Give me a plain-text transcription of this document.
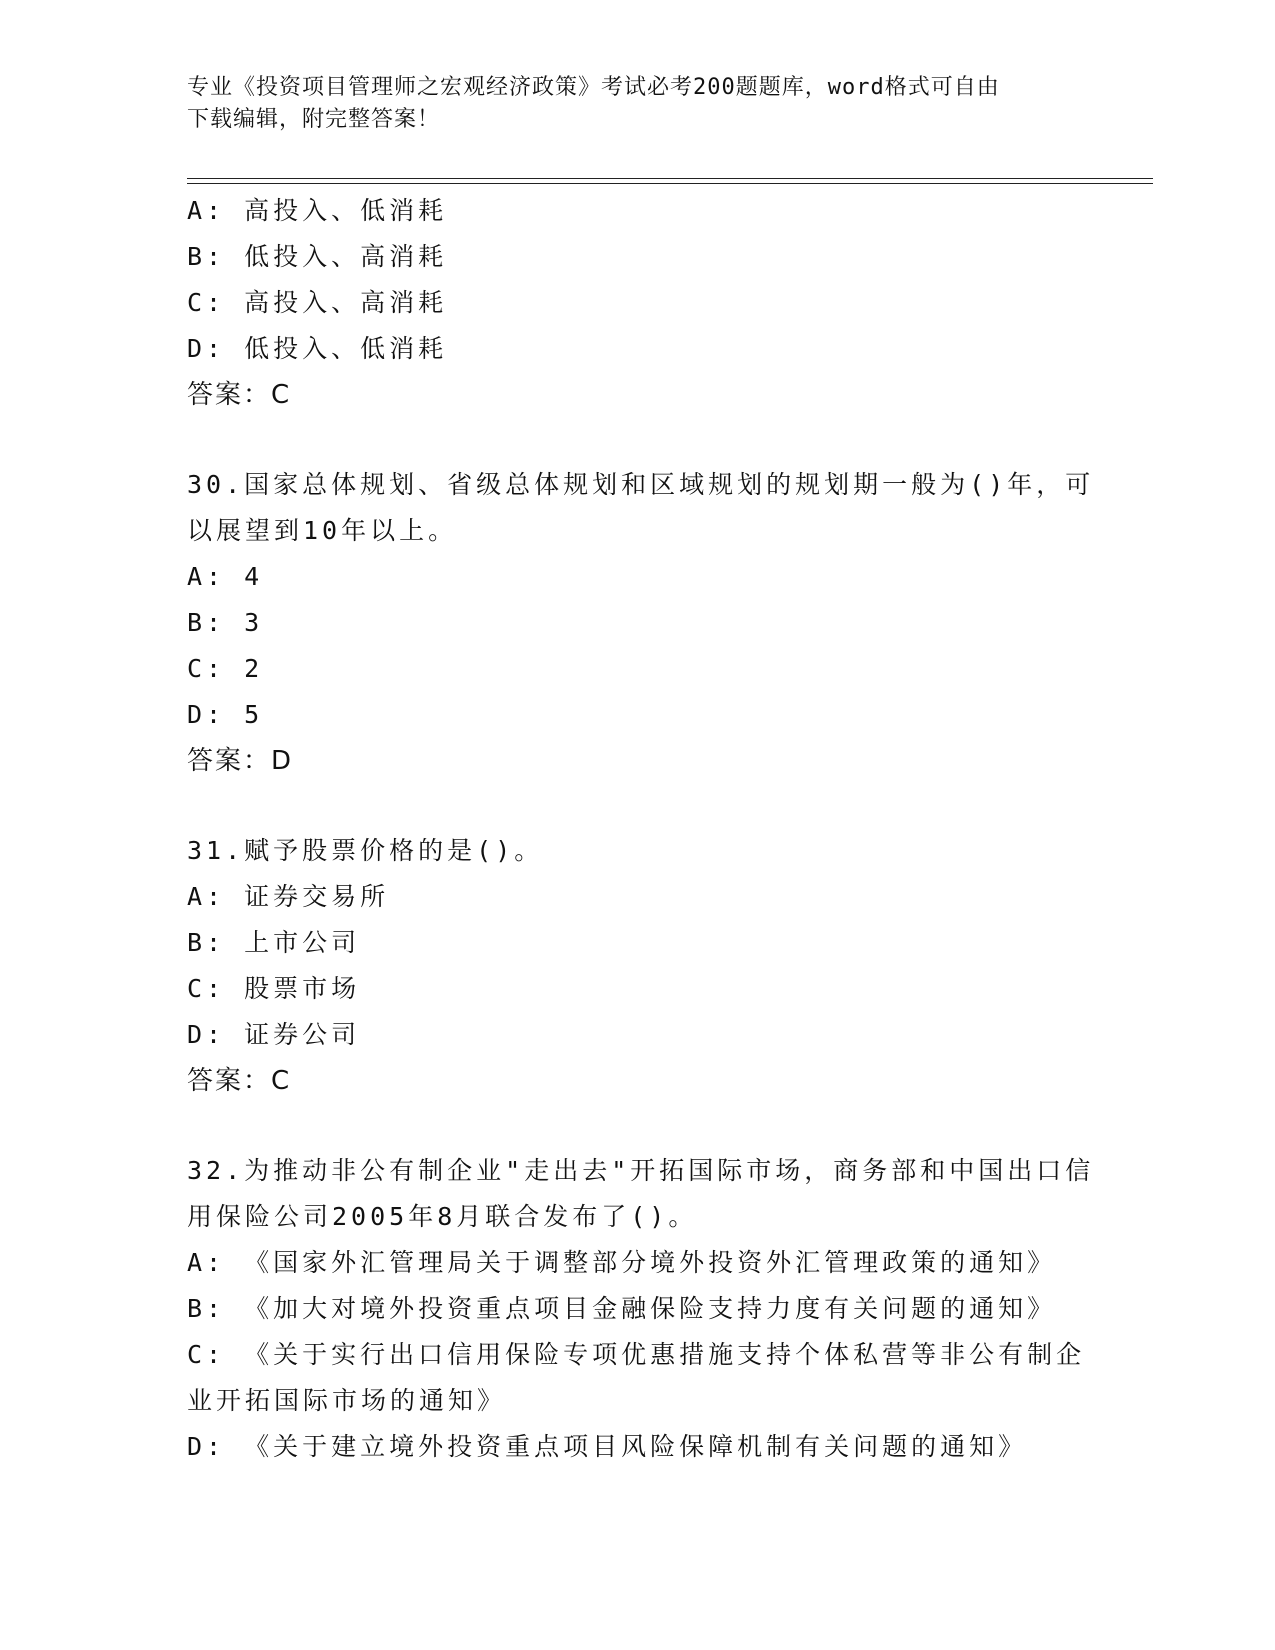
专业《投资项目管理师之宏观经济政策》考试必考200题题库，word格式可自由
下载编辑，附完整答案！
A: 高投入、低消耗
B: 低投入、高消耗
C: 高投入、高消耗
D: 低投入、低消耗
答案：C
30.国家总体规划、省级总体规划和区域规划的规划期一般为()年，可
以展望到10年以上。
A: 4
B: 3
C: 2
D: 5
答案：D
31.赋予股票价格的是()。
A: 证券交易所
B: 上市公司
C: 股票市场
D: 证券公司
答案：C
32.为推动非公有制企业"走出去"开拓国际市场，商务部和中国出口信
用保险公司2005年8月联合发布了()。
A: 《国家外汇管理局关于调整部分境外投资外汇管理政策的通知》
B: 《加大对境外投资重点项目金融保险支持力度有关问题的通知》
C: 《关于实行出口信用保险专项优惠措施支持个体私营等非公有制企
业开拓国际市场的通知》
D: 《关于建立境外投资重点项目风险保障机制有关问题的通知》
